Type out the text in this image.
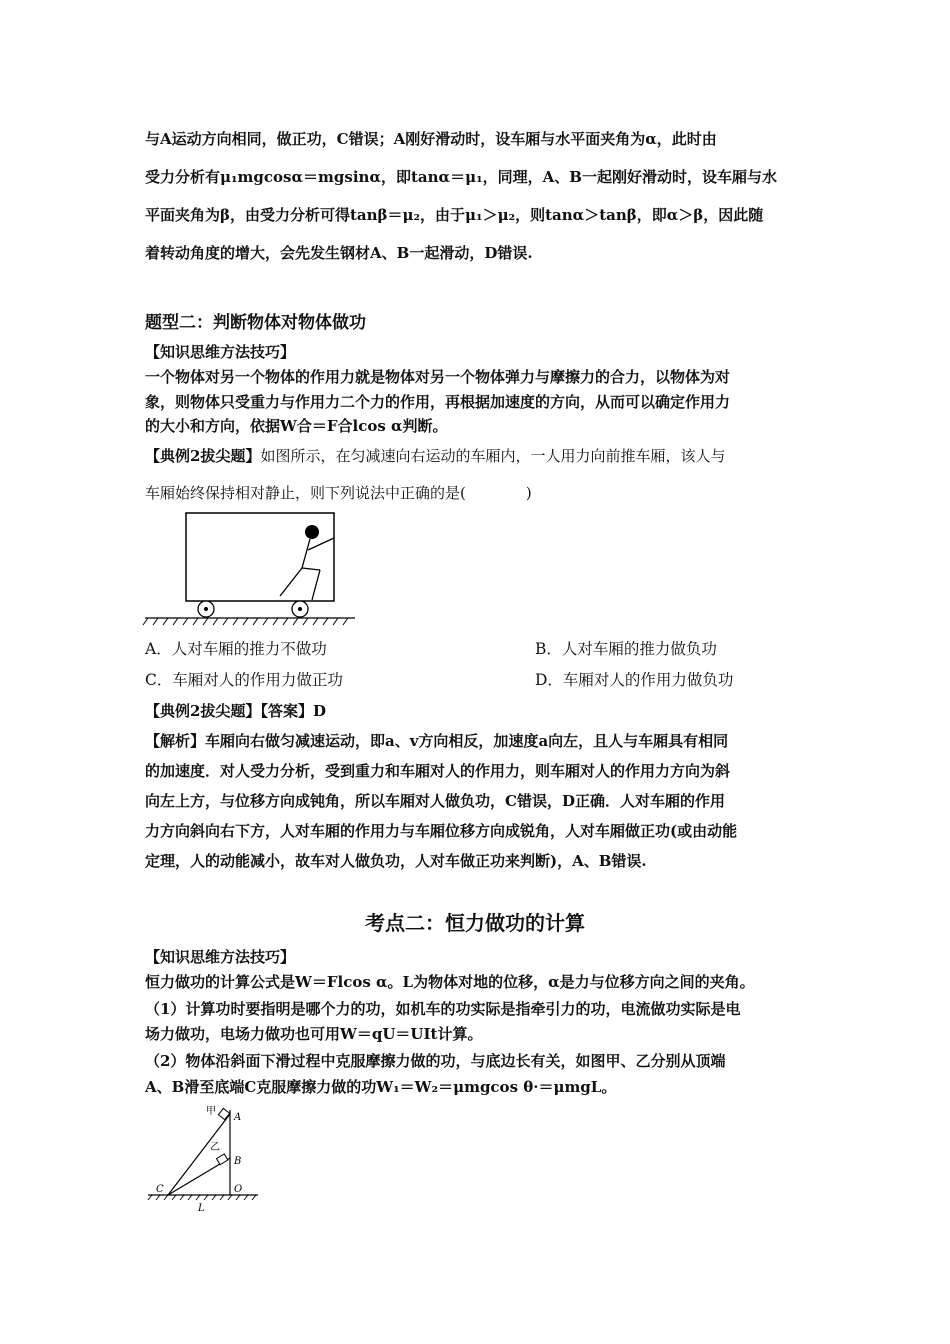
与A运动方向相同，做正功，C错误；A刚好滑动时，设车厢与水平面夹角为α，此时由
受力分析有μ₁mgcosα＝mgsinα，即tanα＝μ₁，同理，A、B一起刚好滑动时，设车厢与水
平面夹角为β，由受力分析可得tanβ＝μ₂，由于μ₁＞μ₂，则tanα＞tanβ，即α＞β，因此随
着转动角度的增大，会先发生钢材A、B一起滑动，D错误.
题型二：判断物体对物体做功
【知识思维方法技巧】
一个物体对另一个物体的作用力就是物体对另一个物体弹力与摩擦力的合力，以物体为对
象，则物体只受重力与作用力二个力的作用，再根据加速度的方向，从而可以确定作用力
的大小和方向，依据W合＝F合lcos α判断。
【典例2拔尖题】如图所示，在匀减速向右运动的车厢内，一人用力向前推车厢，该人与
车厢始终保持相对静止，则下列说法中正确的是(　　　　)
A．人对车厢的推力不做功	B．人对车厢的推力做负功
C．车厢对人的作用力做正功	D．车厢对人的作用力做负功
【典例2拔尖题】【答案】D
【解析】车厢向右做匀减速运动，即a、v方向相反，加速度a向左，且人与车厢具有相同
的加速度．对人受力分析，受到重力和车厢对人的作用力，则车厢对人的作用力方向为斜
向左上方，与位移方向成钝角，所以车厢对人做负功，C错误，D正确．人对车厢的作用
力方向斜向右下方，人对车厢的作用力与车厢位移方向成锐角，人对车厢做正功(或由动能
定理，人的动能减小，故车对人做负功，人对车做正功来判断)，A、B错误.
考点二：恒力做功的计算
【知识思维方法技巧】
恒力做功的计算公式是W＝Flcos α。L为物体对地的位移，α是力与位移方向之间的夹角。
（1）计算功时要指明是哪个力的功，如机车的功实际是指牵引力的功，电流做功实际是电
场力做功，电场力做功也可用W＝qU＝UIt计算。
（2）物体沿斜面下滑过程中克服摩擦力做的功，与底边长有关，如图甲、乙分别从顶端
A、B滑至底端C克服摩擦力做的功W₁＝W₂＝μmgcos θ·＝μmgL。
甲
A
乙
B
C	O
L
